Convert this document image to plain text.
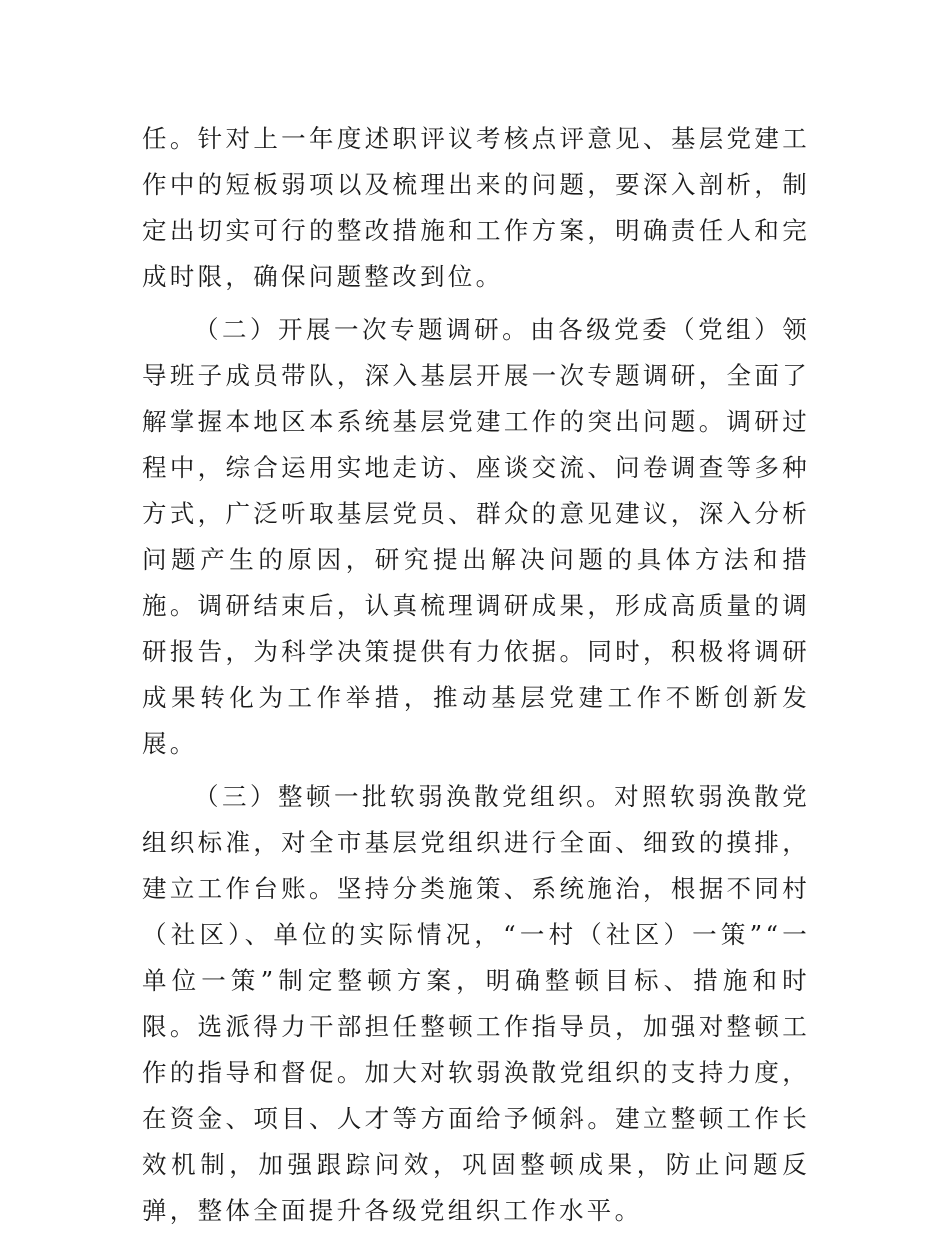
任。针对上一年度述职评议考核点评意见、基层党建工作中的短板弱项以及梳理出来的问题，要深入剖析，制定出切实可行的整改措施和工作方案，明确责任人和完成时限，确保问题整改到位。

（二）开展一次专题调研。由各级党委（党组）领导班子成员带队，深入基层开展一次专题调研，全面了解掌握本地区本系统基层党建工作的突出问题。调研过程中，综合运用实地走访、座谈交流、问卷调查等多种方式，广泛听取基层党员、群众的意见建议，深入分析问题产生的原因，研究提出解决问题的具体方法和措施。调研结束后，认真梳理调研成果，形成高质量的调研报告，为科学决策提供有力依据。同时，积极将调研成果转化为工作举措，推动基层党建工作不断创新发展。

（三）整顿一批软弱涣散党组织。对照软弱涣散党组织标准，对全市基层党组织进行全面、细致的摸排，建立工作台账。坚持分类施策、系统施治，根据不同村（社区）、单位的实际情况，“一村（社区）一策”“一单位一策”制定整顿方案，明确整顿目标、措施和时限。选派得力干部担任整顿工作指导员，加强对整顿工作的指导和督促。加大对软弱涣散党组织的支持力度，在资金、项目、人才等方面给予倾斜。建立整顿工作长效机制，加强跟踪问效，巩固整顿成果，防止问题反弹，整体全面提升各级党组织工作水平。
